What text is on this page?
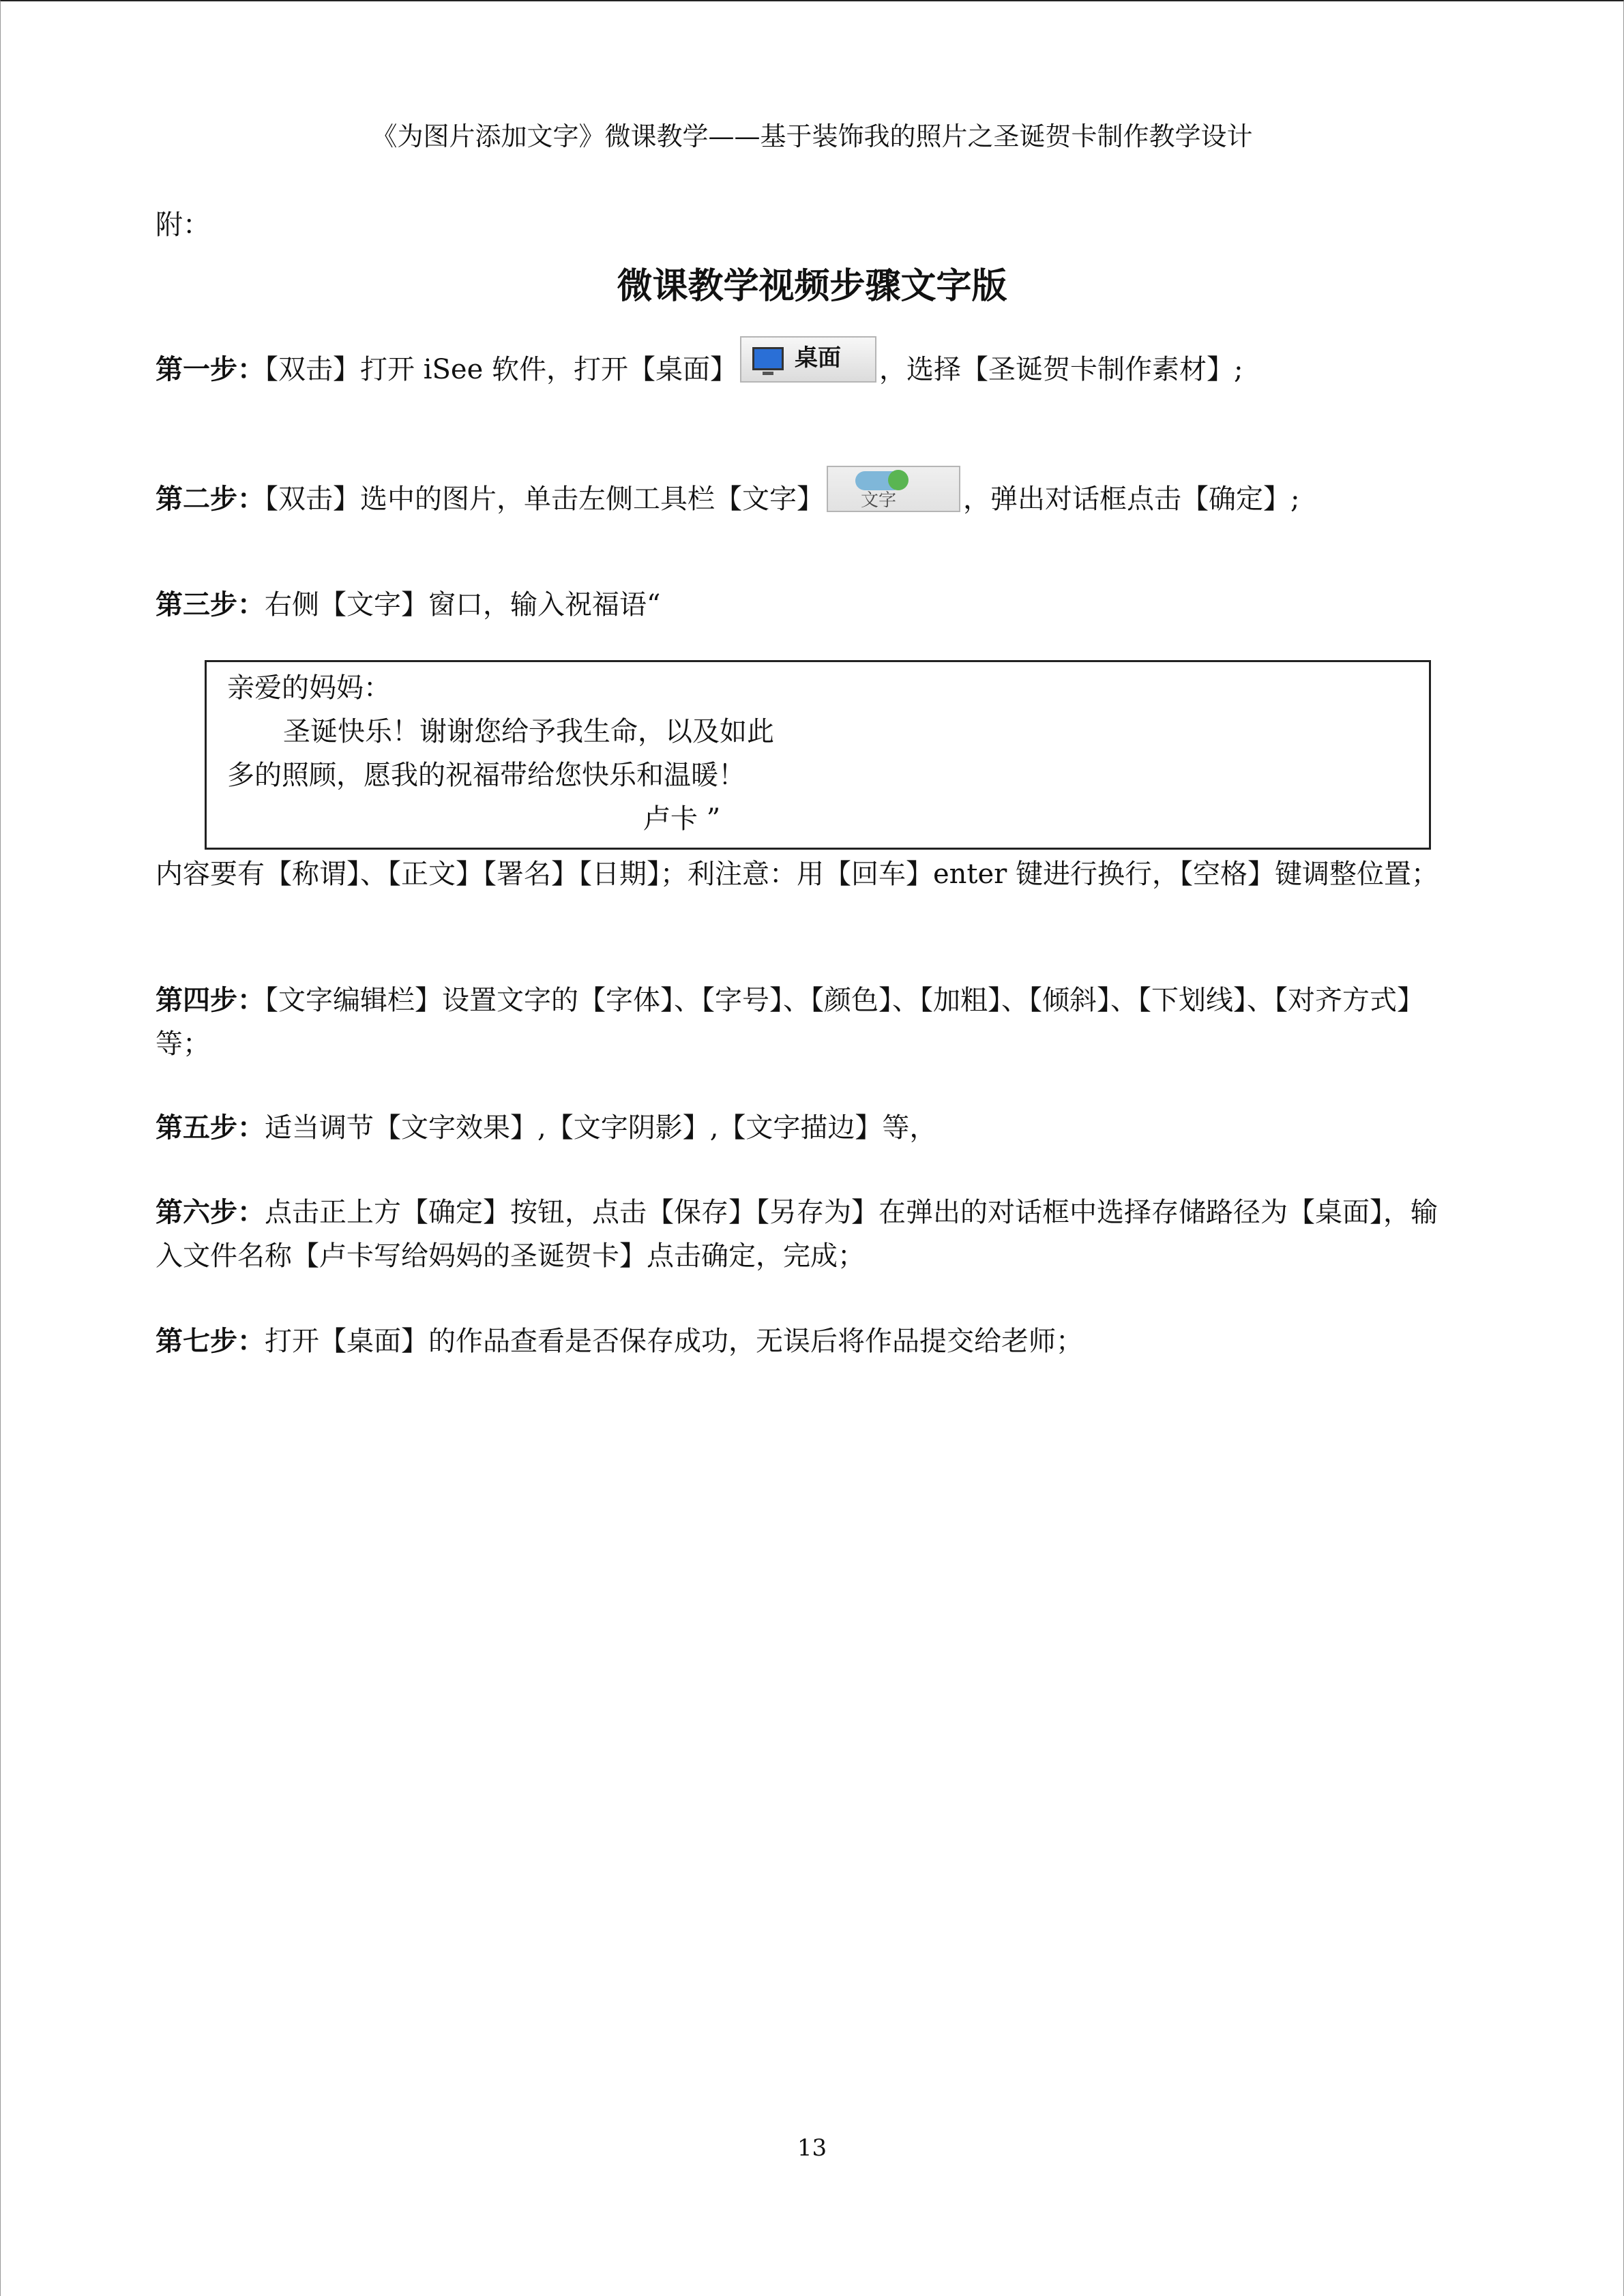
《为图片添加文字》微课教学——基于装饰我的照片之圣诞贺卡制作教学设计
附：
微课教学视频步骤文字版
第一步：【双击】打开 iSee 软件，打开【桌面】 桌面 ，选择【圣诞贺卡制作素材】;
第二步：【双击】选中的图片，单击左侧工具栏【文字】 文字 ，弹出对话框点击【确定】;
第三步：右侧【文字】窗口，输入祝福语“
亲爱的妈妈：
圣诞快乐！谢谢您给予我生命，以及如此
多的照顾，愿我的祝福带给您快乐和温暖！
卢卡 ”
内容要有【称谓】、【正文】【署名】【日期】；利注意：用【回车】enter 键进行换行，【空格】键调整位置；
第四步：【文字编辑栏】设置文字的【字体】、【字号】、【颜色】、【加粗】、【倾斜】、【下划线】、【对齐方式】等；
第五步：适当调节【文字效果】,【文字阴影】,【文字描边】等，
第六步：点击正上方【确定】按钮，点击【保存】【另存为】在弹出的对话框中选择存储路径为【桌面】，输入文件名称【卢卡写给妈妈的圣诞贺卡】点击确定，完成；
第七步：打开【桌面】的作品查看是否保存成功，无误后将作品提交给老师；
13
